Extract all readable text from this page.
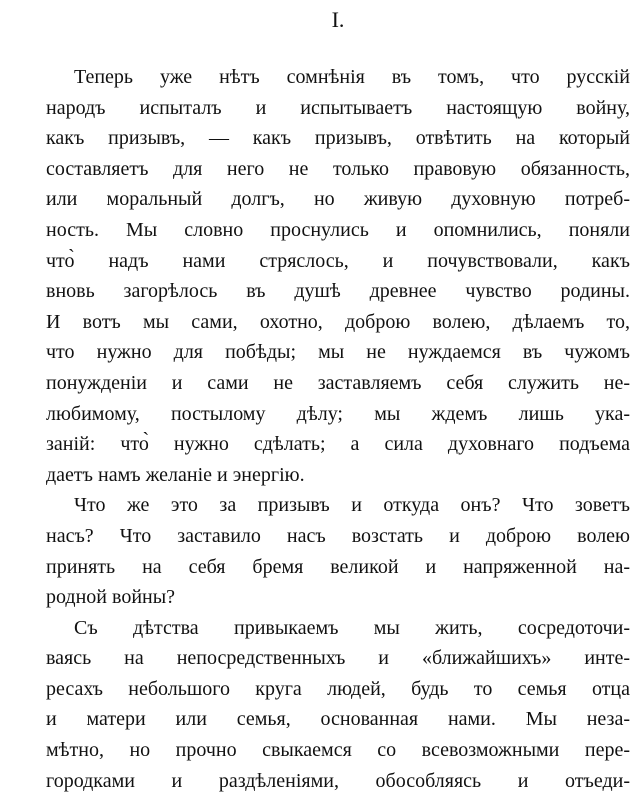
I.
Теперь уже нѣтъ сомнѣнія въ томъ, что русскій
народъ испыталъ и испытываетъ настоящую войну,
какъ призывъ, — какъ призывъ, отвѣтить на который
составляетъ для него не только правовую обязанность,
или моральный долгъ, но живую духовную потреб-
ность. Мы словно проснулись и опомнились, поняли
что̀ надъ нами стряслось, и почувствовали, какъ
вновь загорѣлось въ душѣ древнее чувство родины.
И вотъ мы сами, охотно, доброю волею, дѣлаемъ то,
что нужно для побѣды; мы не нуждаемся въ чужомъ
понужденіи и сами не заставляемъ себя служить не-
любимому, постылому дѣлу; мы ждемъ лишь ука-
заній: что̀ нужно сдѣлать; а сила духовнаго подъема
даетъ намъ желаніе и энергію.
Что же это за призывъ и откуда онъ? Что зоветъ
насъ? Что заставило насъ возстать и доброю волею
принять на себя бремя великой и напряженной на-
родной войны?
Съ дѣтства привыкаемъ мы жить, сосредоточи-
ваясь на непосредственныхъ и «ближайшихъ» инте-
ресахъ небольшого круга людей, будь то семья отца
и матери или семья, основанная нами. Мы неза-
мѣтно, но прочно свыкаемся со всевозможными пере-
городками и раздѣленіями, обособляясь и отъеди-
